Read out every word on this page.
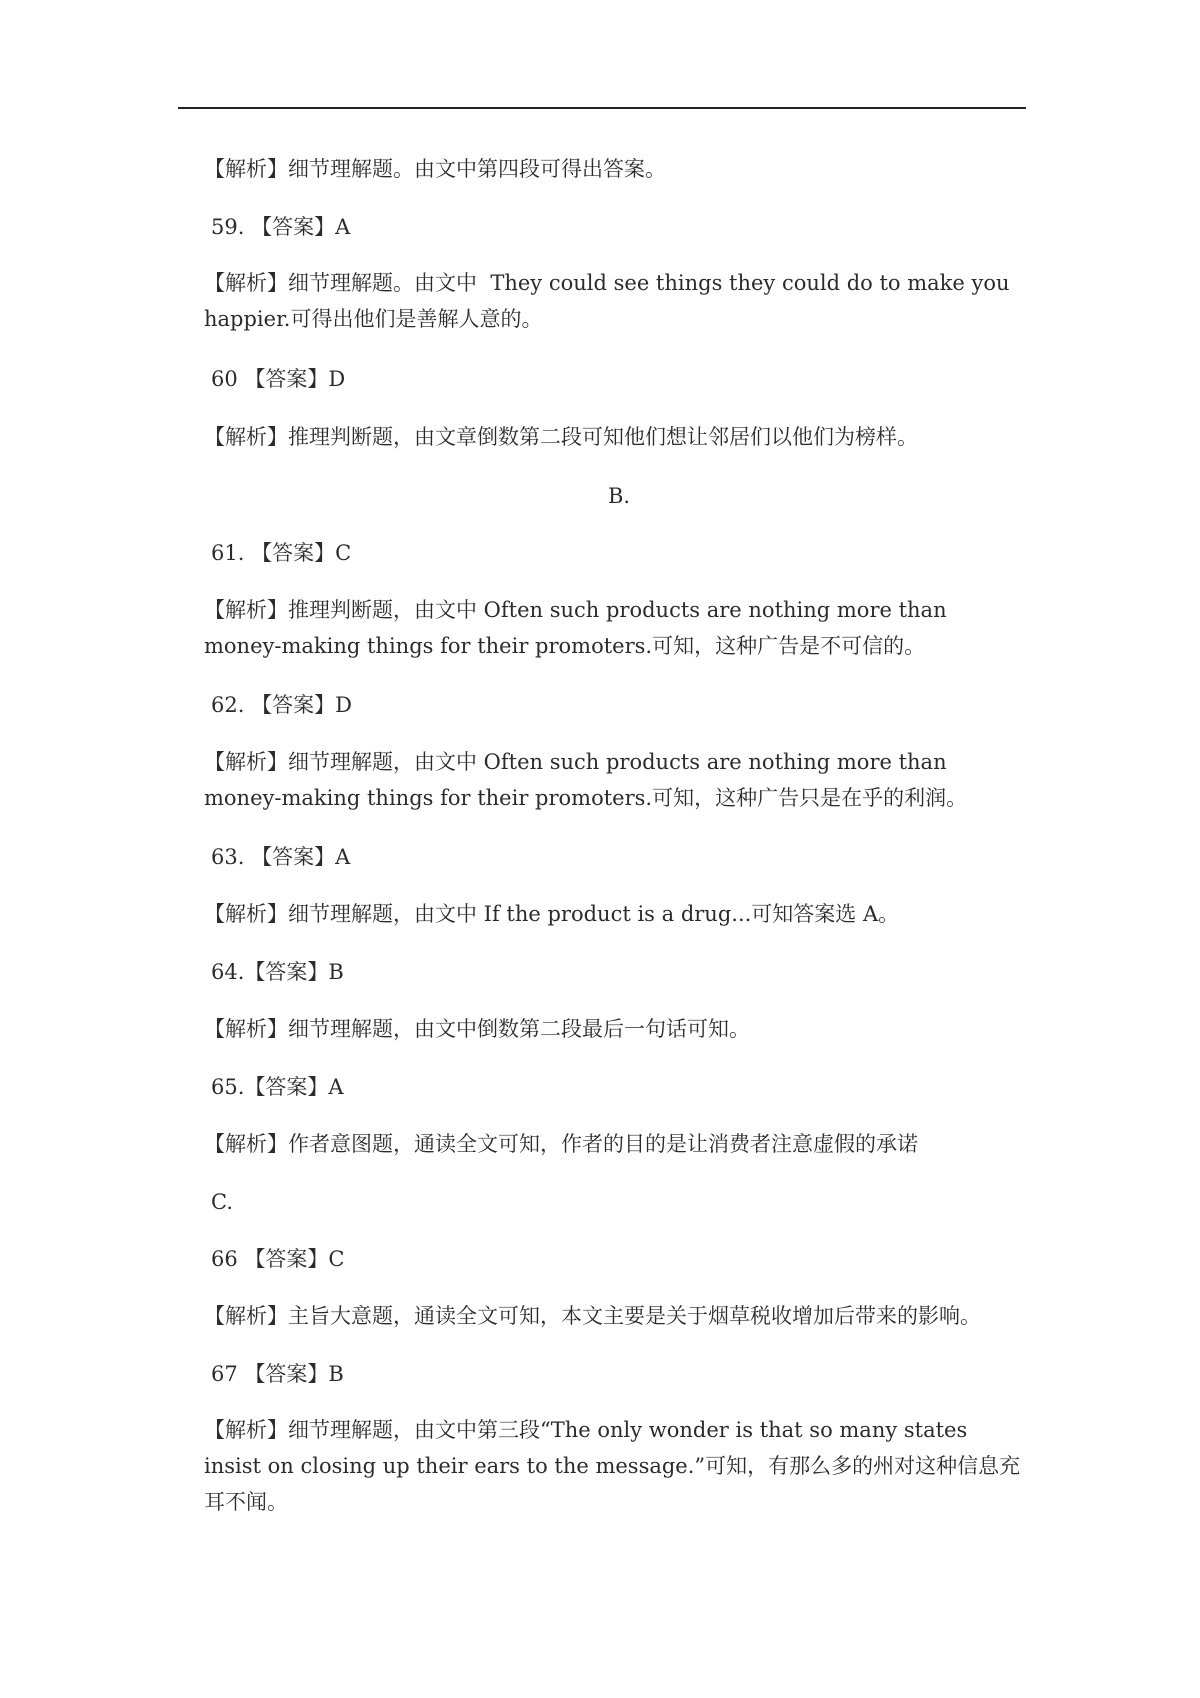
【解析】细节理解题。由文中第四段可得出答案。
59. 【答案】A
【解析】细节理解题。由文中  They could see things they could do to make you happier.可得出他们是善解人意的。
60 【答案】D
【解析】推理判断题，由文章倒数第二段可知他们想让邻居们以他们为榜样。
B.
61. 【答案】C
【解析】推理判断题，由文中 Often such products are nothing more than money-making things for their promoters.可知，这种广告是不可信的。
62. 【答案】D
【解析】细节理解题，由文中 Often such products are nothing more than money-making things for their promoters.可知，这种广告只是在乎的利润。
63. 【答案】A
【解析】细节理解题，由文中 If the product is a drug...可知答案选 A。
64.【答案】B
【解析】细节理解题，由文中倒数第二段最后一句话可知。
65.【答案】A
【解析】作者意图题，通读全文可知，作者的目的是让消费者注意虚假的承诺
C.
66 【答案】C
【解析】主旨大意题，通读全文可知，本文主要是关于烟草税收增加后带来的影响。
67 【答案】B
【解析】细节理解题，由文中第三段“The only wonder is that so many states insist on closing up their ears to the message.”可知，有那么多的州对这种信息充耳不闻。
